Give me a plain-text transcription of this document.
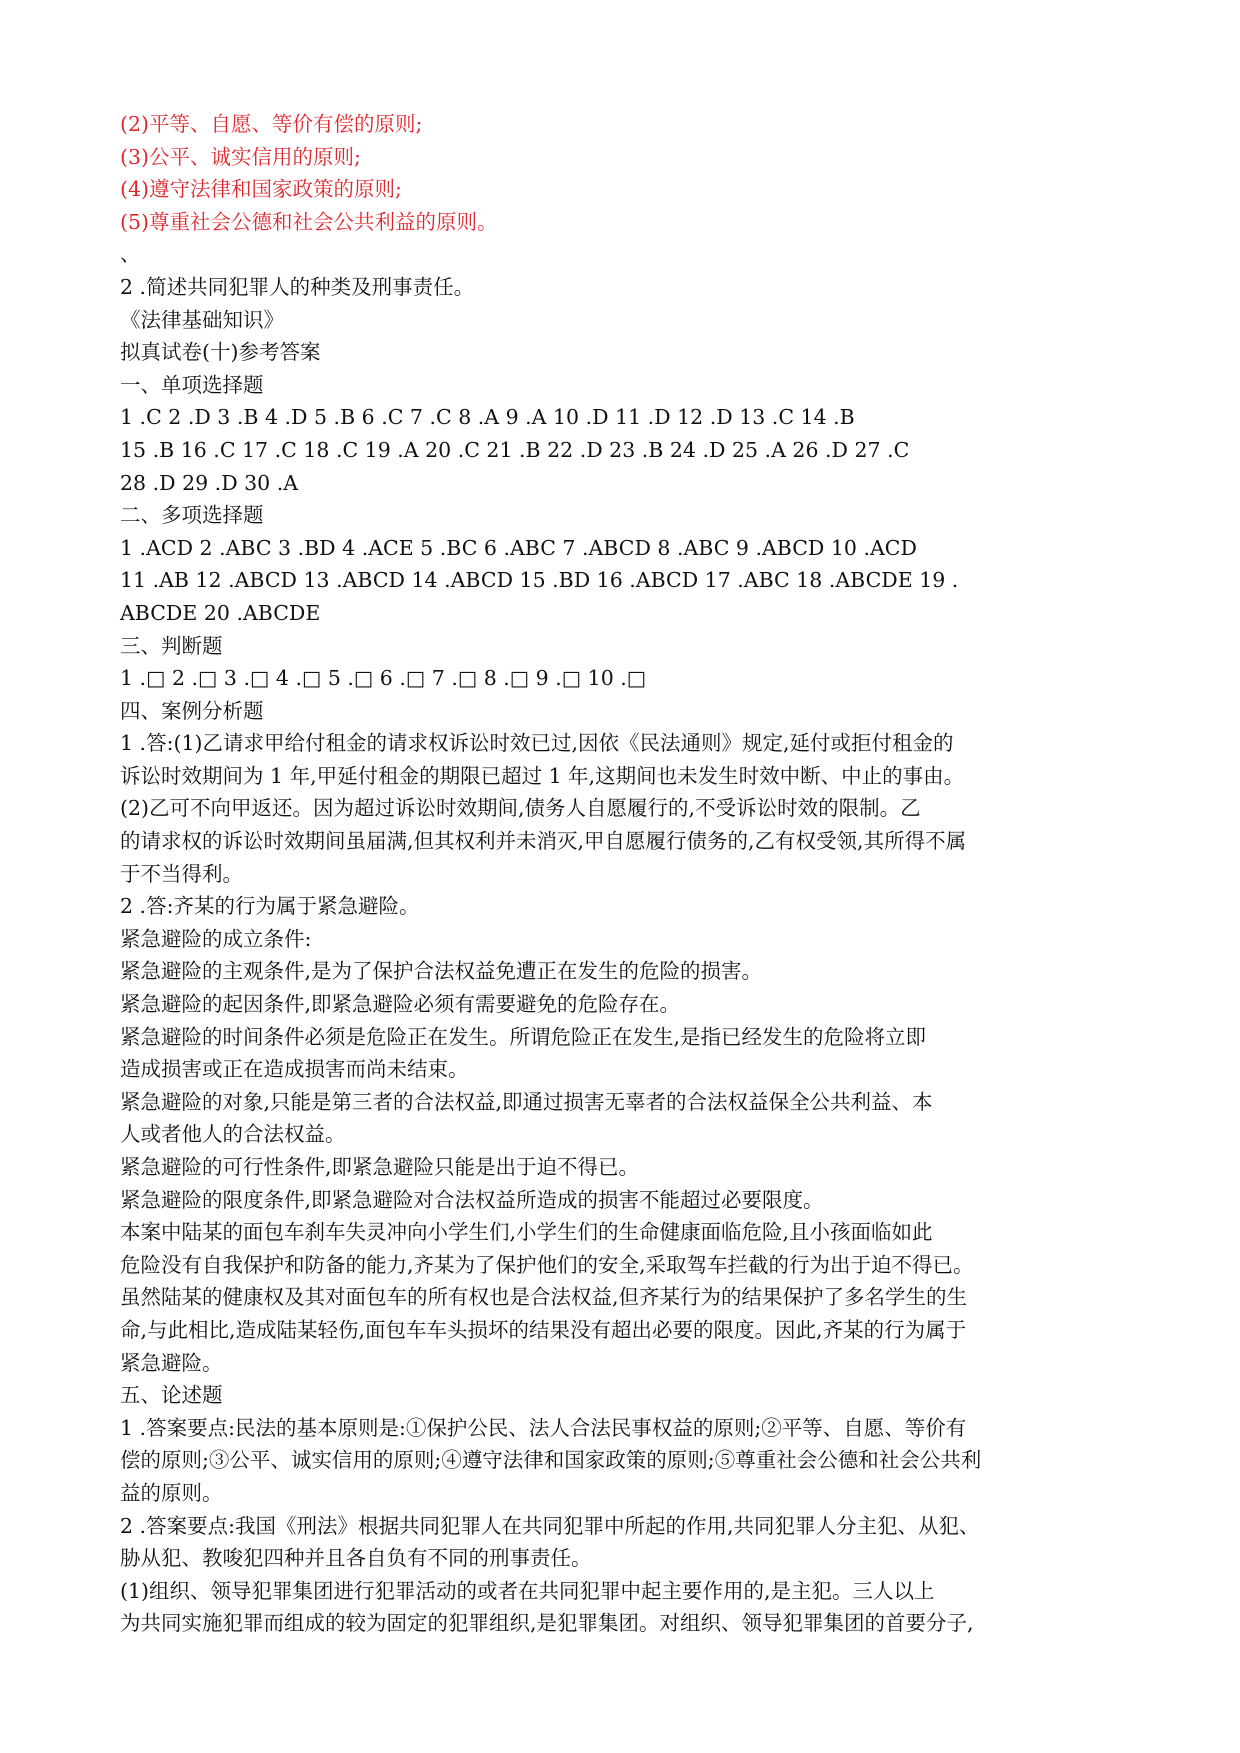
(2)平等、自愿、等价有偿的原则;
(3)公平、诚实信用的原则;
(4)遵守法律和国家政策的原则;
(5)尊重社会公德和社会公共利益的原则。
、
2 .简述共同犯罪人的种类及刑事责任。
《法律基础知识》
拟真试卷(十)参考答案
一、单项选择题
1 .C 2 .D 3 .B 4 .D 5 .B 6 .C 7 .C 8 .A 9 .A 10 .D 11 .D 12 .D 13 .C 14 .B
15 .B 16 .C 17 .C 18 .C 19 .A 20 .C 21 .B 22 .D 23 .B 24 .D 25 .A 26 .D 27 .C
28 .D 29 .D 30 .A
二、多项选择题
1 .ACD 2 .ABC 3 .BD 4 .ACE 5 .BC 6 .ABC 7 .ABCD 8 .ABC 9 .ABCD 10 .ACD
11 .AB 12 .ABCD 13 .ABCD 14 .ABCD 15 .BD 16 .ABCD 17 .ABC 18 .ABCDE 19 .
ABCDE 20 .ABCDE
三、判断题
1 .□ 2 .□ 3 .□ 4 .□ 5 .□ 6 .□ 7 .□ 8 .□ 9 .□ 10 .□
四、案例分析题
1 .答:(1)乙请求甲给付租金的请求权诉讼时效已过,因依《民法通则》规定,延付或拒付租金的
诉讼时效期间为 1 年,甲延付租金的期限已超过 1 年,这期间也未发生时效中断、中止的事由。
(2)乙可不向甲返还。因为超过诉讼时效期间,债务人自愿履行的,不受诉讼时效的限制。乙
的请求权的诉讼时效期间虽届满,但其权利并未消灭,甲自愿履行债务的,乙有权受领,其所得不属
于不当得利。
2 .答:齐某的行为属于紧急避险。
紧急避险的成立条件:
紧急避险的主观条件,是为了保护合法权益免遭正在发生的危险的损害。
紧急避险的起因条件,即紧急避险必须有需要避免的危险存在。
紧急避险的时间条件必须是危险正在发生。所谓危险正在发生,是指已经发生的危险将立即
造成损害或正在造成损害而尚未结束。
紧急避险的对象,只能是第三者的合法权益,即通过损害无辜者的合法权益保全公共利益、本
人或者他人的合法权益。
紧急避险的可行性条件,即紧急避险只能是出于迫不得已。
紧急避险的限度条件,即紧急避险对合法权益所造成的损害不能超过必要限度。
本案中陆某的面包车刹车失灵冲向小学生们,小学生们的生命健康面临危险,且小孩面临如此
危险没有自我保护和防备的能力,齐某为了保护他们的安全,采取驾车拦截的行为出于迫不得已。
虽然陆某的健康权及其对面包车的所有权也是合法权益,但齐某行为的结果保护了多名学生的生
命,与此相比,造成陆某轻伤,面包车车头损坏的结果没有超出必要的限度。因此,齐某的行为属于
紧急避险。
五、论述题
1 .答案要点:民法的基本原则是:①保护公民、法人合法民事权益的原则;②平等、自愿、等价有
偿的原则;③公平、诚实信用的原则;④遵守法律和国家政策的原则;⑤尊重社会公德和社会公共利
益的原则。
2 .答案要点:我国《刑法》根据共同犯罪人在共同犯罪中所起的作用,共同犯罪人分主犯、从犯、
胁从犯、教唆犯四种并且各自负有不同的刑事责任。
(1)组织、领导犯罪集团进行犯罪活动的或者在共同犯罪中起主要作用的,是主犯。三人以上
为共同实施犯罪而组成的较为固定的犯罪组织,是犯罪集团。对组织、领导犯罪集团的首要分子,
